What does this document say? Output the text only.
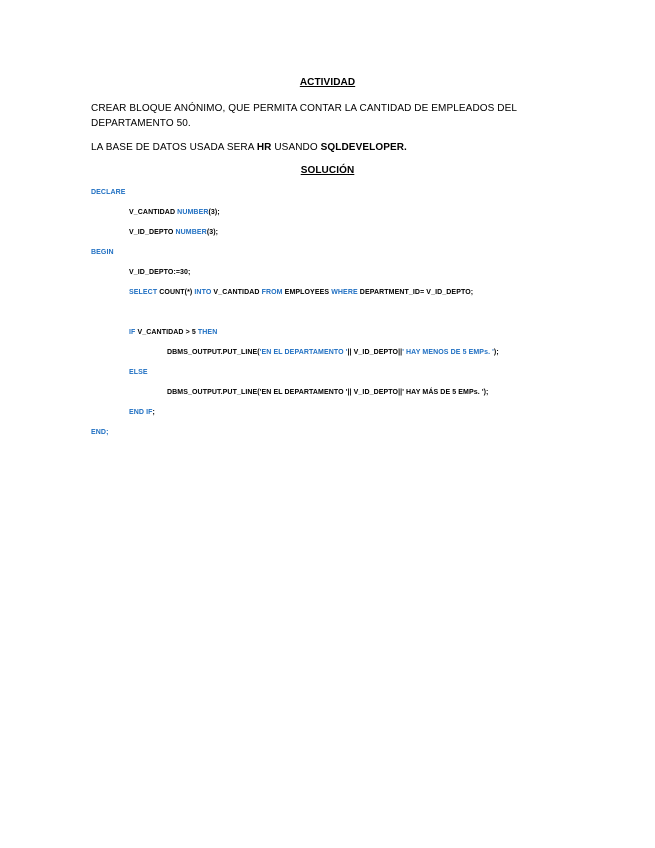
ACTIVIDAD
CREAR BLOQUE ANÓNIMO, QUE PERMITA CONTAR LA CANTIDAD DE EMPLEADOS DEL DEPARTAMENTO 50.
LA BASE DE DATOS USADA SERA HR USANDO SQLDEVELOPER.
SOLUCIÓN
DECLARE
V_CANTIDAD NUMBER(3);
V_ID_DEPTO NUMBER(3);
BEGIN
V_ID_DEPTO:=30;
SELECT COUNT(*) INTO V_CANTIDAD FROM EMPLOYEES WHERE DEPARTMENT_ID= V_ID_DEPTO;
IF V_CANTIDAD > 5 THEN
DBMS_OUTPUT.PUT_LINE('EN EL DEPARTAMENTO '|| V_ID_DEPTO||' HAY MENOS DE 5 EMPs. ');
ELSE
DBMS_OUTPUT.PUT_LINE('EN EL DEPARTAMENTO '|| V_ID_DEPTO||' HAY MÁS DE 5 EMPs. ');
END IF;
END;
